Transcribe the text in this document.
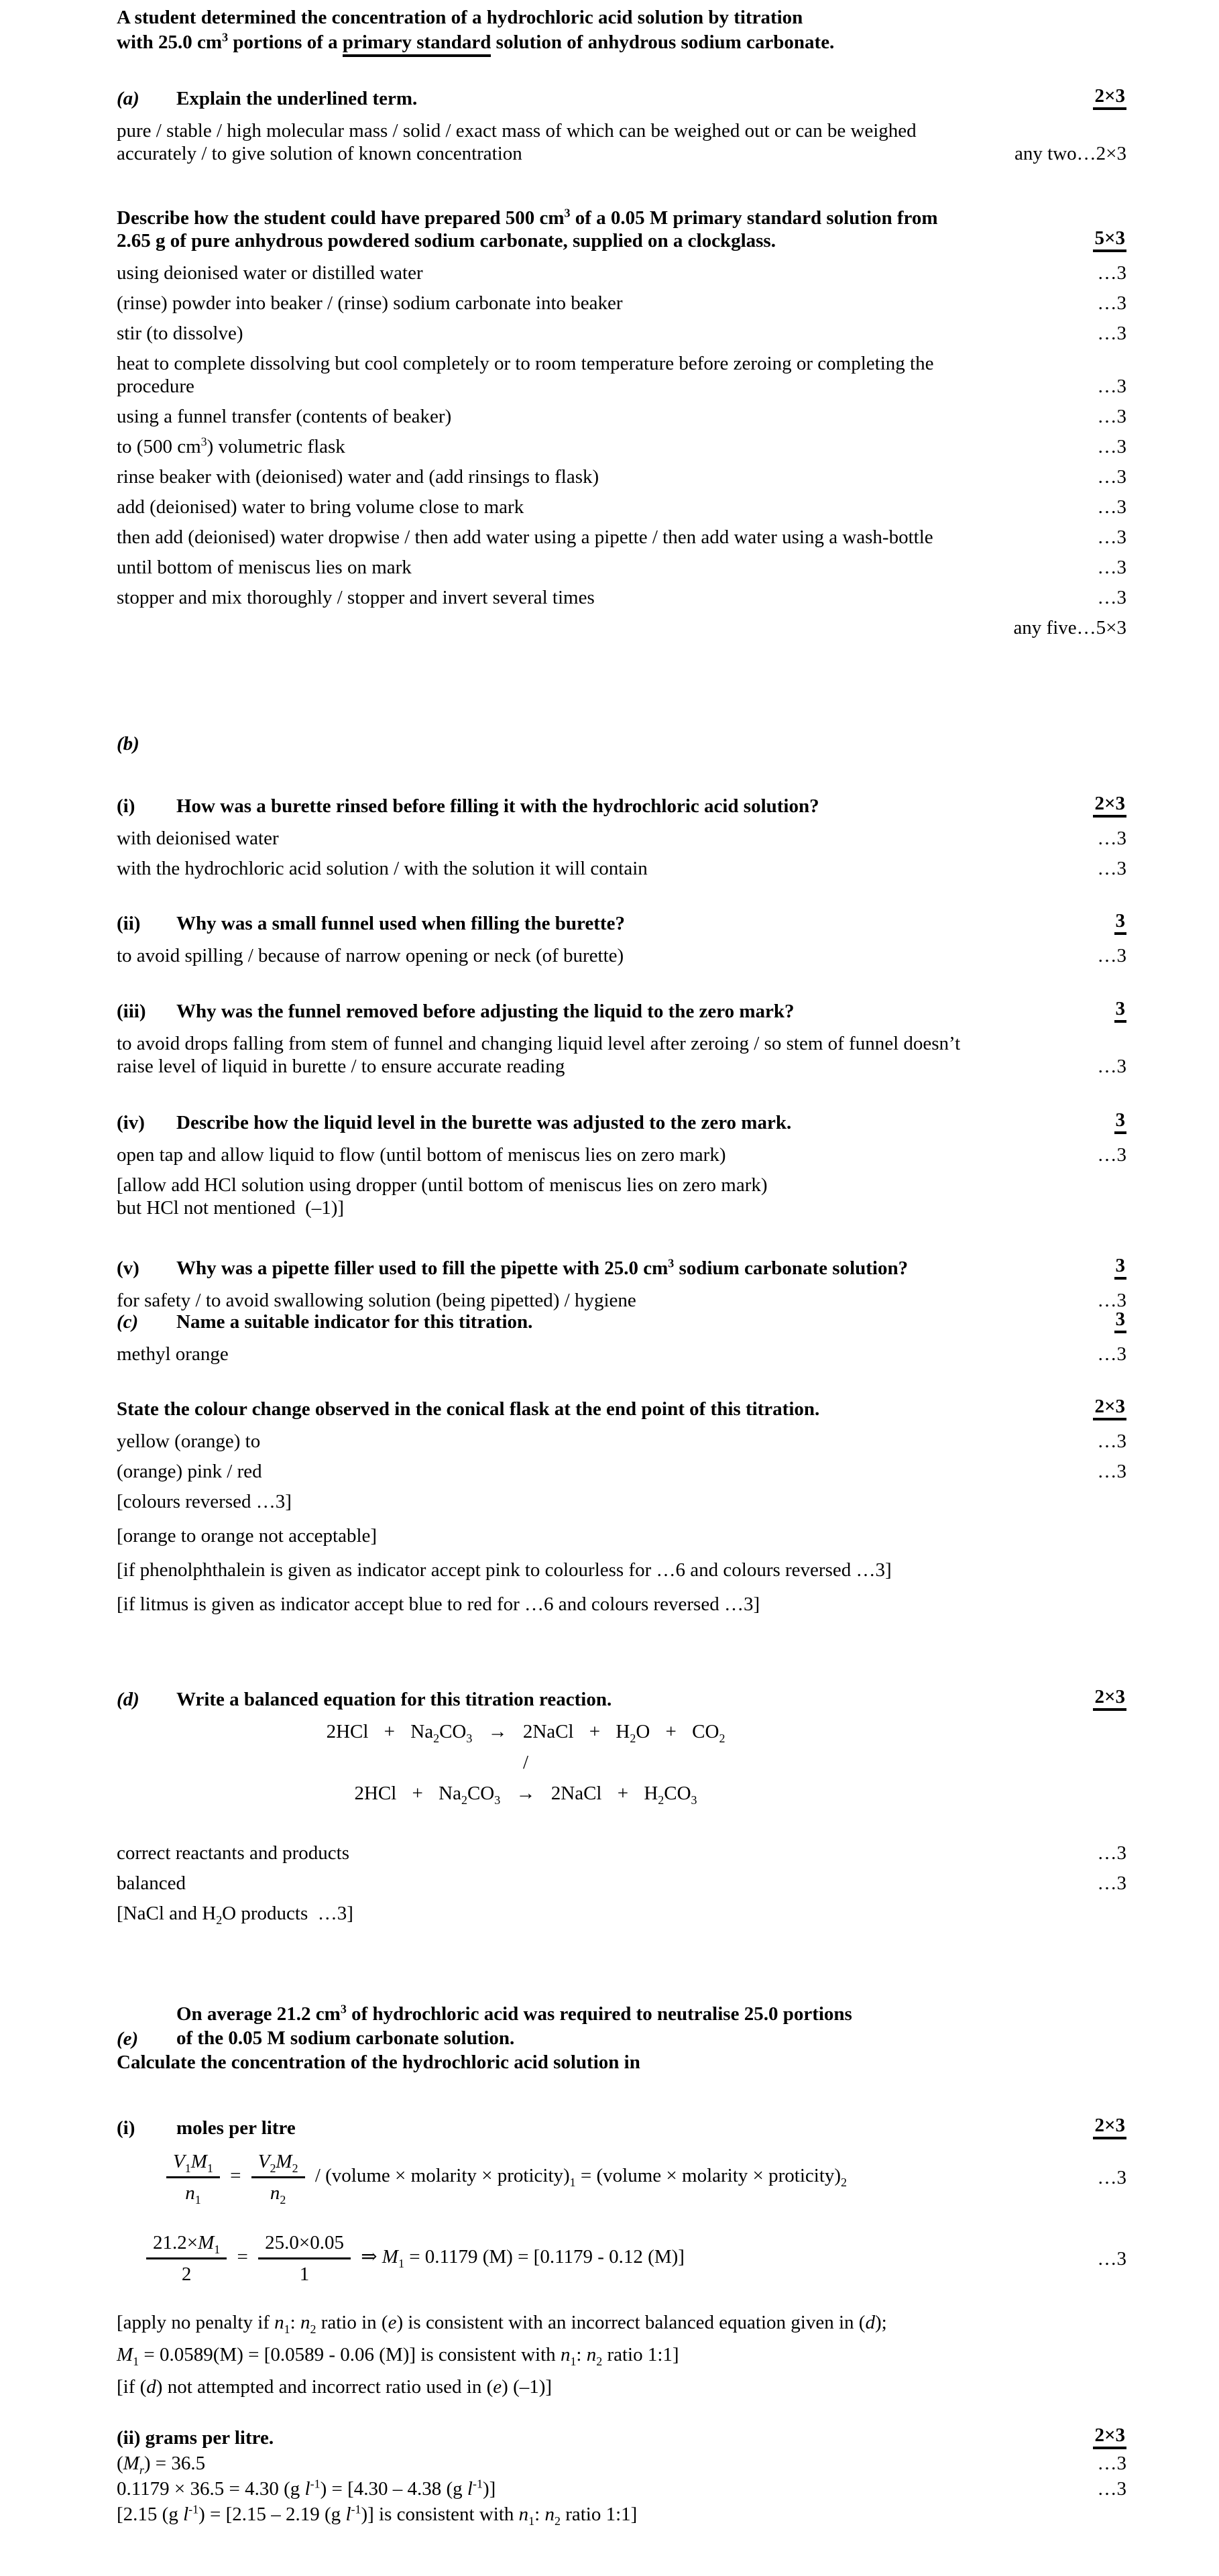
A student determined the concentration of a hydrochloric acid solution by titration
with 25.0 $cm^3$ portions of a primary standard solution of anhydrous sodium carbonate.
(a)	Explain the underlined term.	2×3
pure / stable / high molecular mass / solid / exact mass of which can be weighed out or can be weighed
accurately / to give solution of known concentration	any two…2×3
Describe how the student could have prepared 500 $cm^3$ of a 0.05 M primary standard solution from
2.65 g of pure anhydrous powdered sodium carbonate, supplied on a clockglass.	5×3
using deionised water or distilled water	…3
(rinse) powder into beaker / (rinse) sodium carbonate into beaker	…3
stir (to dissolve)	…3
heat to complete dissolving but cool completely or to room temperature before zeroing or completing the
procedure	…3
using a funnel transfer (contents of beaker)	…3
to (500 $cm^3$) volumetric flask	…3
rinse beaker with (deionised) water and (add rinsings to flask)	…3
add (deionised) water to bring volume close to mark	…3
then add (deionised) water dropwise / then add water using a pipette / then add water using a wash-bottle	…3
until bottom of meniscus lies on mark	…3
stopper and mix thoroughly / stopper and invert several times	…3
any five…5×3
(b)
(i)	How was a burette rinsed before filling it with the hydrochloric acid solution?	2×3
with deionised water	…3
with the hydrochloric acid solution / with the solution it will contain	…3
(ii)	Why was a small funnel used when filling the burette?	3
to avoid spilling / because of narrow opening or neck (of burette)	…3
(iii)	Why was the funnel removed before adjusting the liquid to the zero mark?	3
to avoid drops falling from stem of funnel and changing liquid level after zeroing / so stem of funnel doesn’t
raise level of liquid in burette / to ensure accurate reading	…3
(iv)	Describe how the liquid level in the burette was adjusted to the zero mark.	3
open tap and allow liquid to flow (until bottom of meniscus lies on zero mark)	…3
[allow add HCl solution using dropper (until bottom of meniscus lies on zero mark)
but HCl not mentioned (–1)]
(v)	Why was a pipette filler used to fill the pipette with 25.0 $cm^3$ sodium carbonate solution?	3
for safety / to avoid swallowing solution (being pipetted) / hygiene	…3
(c)	Name a suitable indicator for this titration.	3
methyl orange	…3
State the colour change observed in the conical flask at the end point of this titration.	2×3
yellow (orange) to	…3
(orange) pink / red	…3
[colours reversed …3]
[orange to orange not acceptable]
[if phenolphthalein is given as indicator accept pink to colourless for …6 and colours reversed …3]
[if litmus is given as indicator accept blue to red for …6 and colours reversed …3]
(d)	Write a balanced equation for this titration reaction.	2×3
$2HCl + Na_2CO_3$ → 2NaCl + $H_2O + CO_2$
/
$2HCl + Na_2CO_3$ → 2NaCl + $H_2CO_3$
correct reactants and products	…3
balanced	…3
[NaCl and $H_2O$ products …3]
(e)
On average 21.2 $cm^3$ of hydrochloric acid was required to neutralise 25.0 portions
of the 0.05 M sodium carbonate solution.
Calculate the concentration of the hydrochloric acid solution in
(i)	moles per litre	2×3
$\frac{V_1M_1}{n_1} = \frac{V_2M_2}{n_2}$ / (volume × molarity × $proticity)_1$ = (volume × molarity × $proticity)_2$	…3
$\frac{21.2\times M_1}{2} = \frac{25.0\times 0.05}{1}$ ⇒ $M_1 = 0.1179$ (M) = [0.1179 - 0.12 (M)]	…3
[apply no penalty if $n_1$: $n_2$ ratio in (e) is consistent with an incorrect balanced equation given in (d);
$M_1 = 0.0589(M) = [0.0589 - 0.06$ (M)] is consistent with $n_1$: $n_2$ ratio 1:1]
[if (d) not attempted and incorrect ratio used in (e) (–1)]
(ii) grams per litre.	2×3
$(M_r) = 36.5$	…3
0.1179 × 36.5 = 4.30 (g $l^{-1}) = [4.30 - 4.38$ (g $l^{-1}$)]	…3
[2.15 (g $l^{-1}) = [2.15 - 2.19$ (g $l^{-1}$)] is consistent with $n_1$: $n_2$ ratio 1:1]
